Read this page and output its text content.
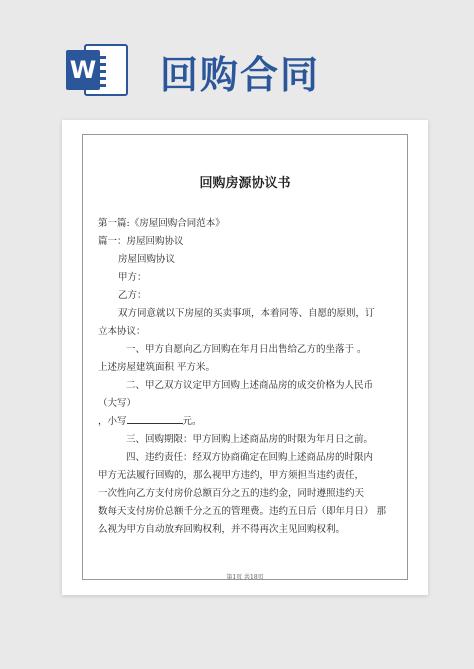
W 回购合同
回购房源协议书
第一篇:《房屋回购合同范本》
篇一：房屋回购协议
房屋回购协议
甲方：
乙方：
双方同意就以下房屋的买卖事项，本着同等、自愿的原则，订
立本协议：
一、甲方自愿向乙方回购在年月日出售给乙方的坐落于 。
上述房屋建筑面积 平方米。
二、甲乙双方议定甲方回购上述商品房的成交价格为人民币
（大写）
，小写	元。
三、回购期限：甲方回购上述商品房的时限为年月日之前。
四、违约责任：经双方协商确定在回购上述商品房的时限内
甲方无法履行回购的，那么视甲方违约，甲方须担当违约责任，
一次性向乙方支付房价总额百分之五的违约金，同时遵照违约天
数每天支付房价总额千分之五的管理费。违约五日后（即年月日） 那
么视为甲方自动放弃回购权利，并不得再次主见回购权利。
第1页 共18页
